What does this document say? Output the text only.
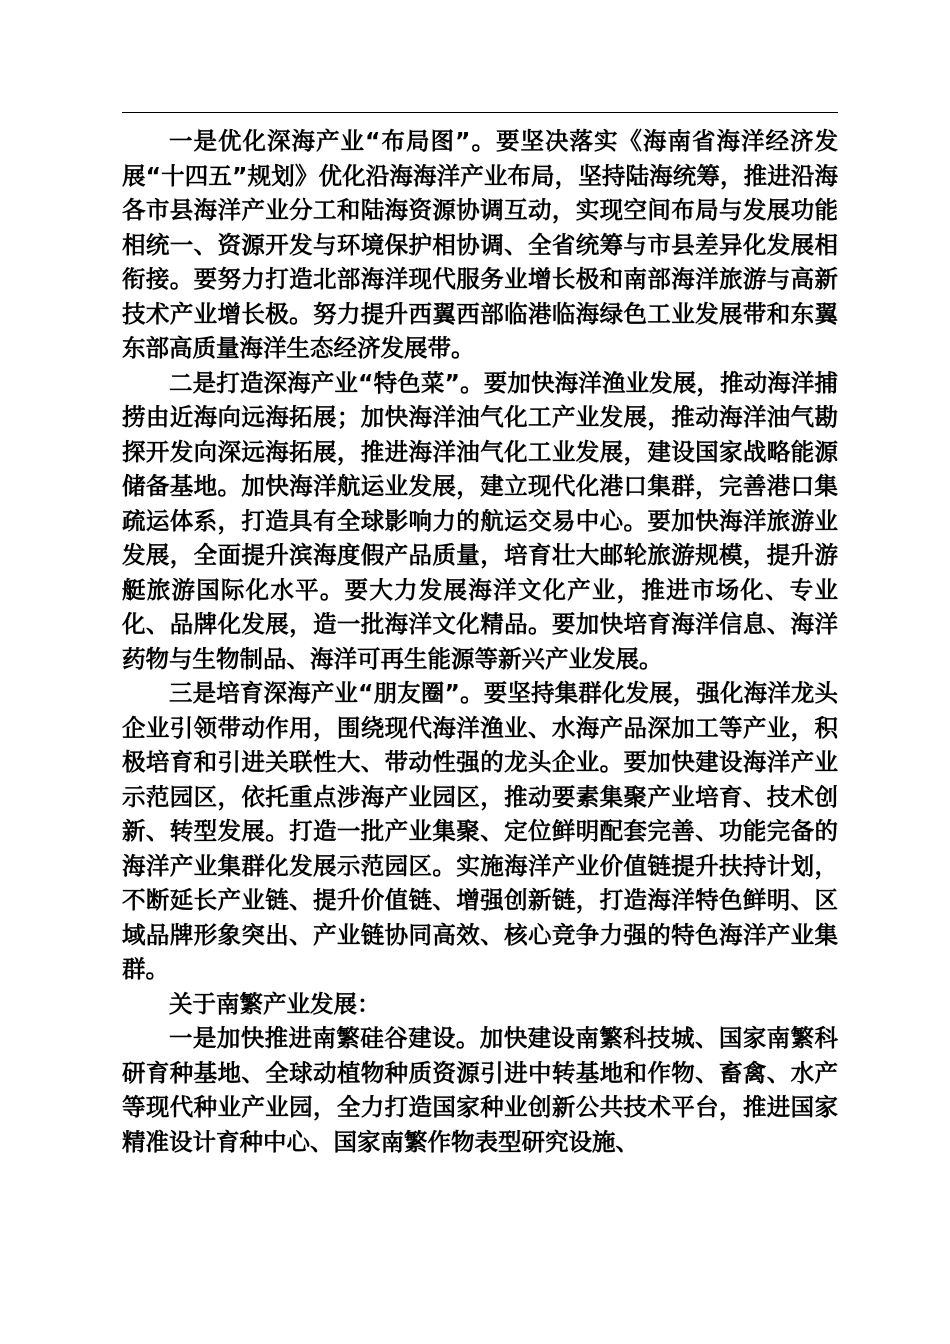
一是优化深海产业“布局图”。要坚决落实《海南省海洋经济发展“十四五”规划》优化沿海海洋产业布局，坚持陆海统筹，推进沿海各市县海洋产业分工和陆海资源协调互动，实现空间布局与发展功能相统一、资源开发与环境保护相协调、全省统筹与市县差异化发展相衔接。要努力打造北部海洋现代服务业增长极和南部海洋旅游与高新技术产业增长极。努力提升西翼西部临港临海绿色工业发展带和东翼东部高质量海洋生态经济发展带。

二是打造深海产业“特色菜”。要加快海洋渔业发展，推动海洋捕捞由近海向远海拓展；加快海洋油气化工产业发展，推动海洋油气勘探开发向深远海拓展，推进海洋油气化工业发展，建设国家战略能源储备基地。加快海洋航运业发展，建立现代化港口集群，完善港口集疏运体系，打造具有全球影响力的航运交易中心。要加快海洋旅游业发展，全面提升滨海度假产品质量，培育壮大邮轮旅游规模，提升游艇旅游国际化水平。要大力发展海洋文化产业，推进市场化、专业化、品牌化发展，造一批海洋文化精品。要加快培育海洋信息、海洋药物与生物制品、海洋可再生能源等新兴产业发展。

三是培育深海产业“朋友圈”。要坚持集群化发展，强化海洋龙头企业引领带动作用，围绕现代海洋渔业、水海产品深加工等产业，积极培育和引进关联性大、带动性强的龙头企业。要加快建设海洋产业示范园区，依托重点涉海产业园区，推动要素集聚产业培育、技术创新、转型发展。打造一批产业集聚、定位鲜明配套完善、功能完备的海洋产业集群化发展示范园区。实施海洋产业价值链提升扶持计划，不断延长产业链、提升价值链、增强创新链，打造海洋特色鲜明、区域品牌形象突出、产业链协同高效、核心竞争力强的特色海洋产业集群。

关于南繁产业发展：

一是加快推进南繁硅谷建设。加快建设南繁科技城、国家南繁科研育种基地、全球动植物种质资源引进中转基地和作物、畜禽、水产等现代种业产业园，全力打造国家种业创新公共技术平台，推进国家精准设计育种中心、国家南繁作物表型研究设施、
